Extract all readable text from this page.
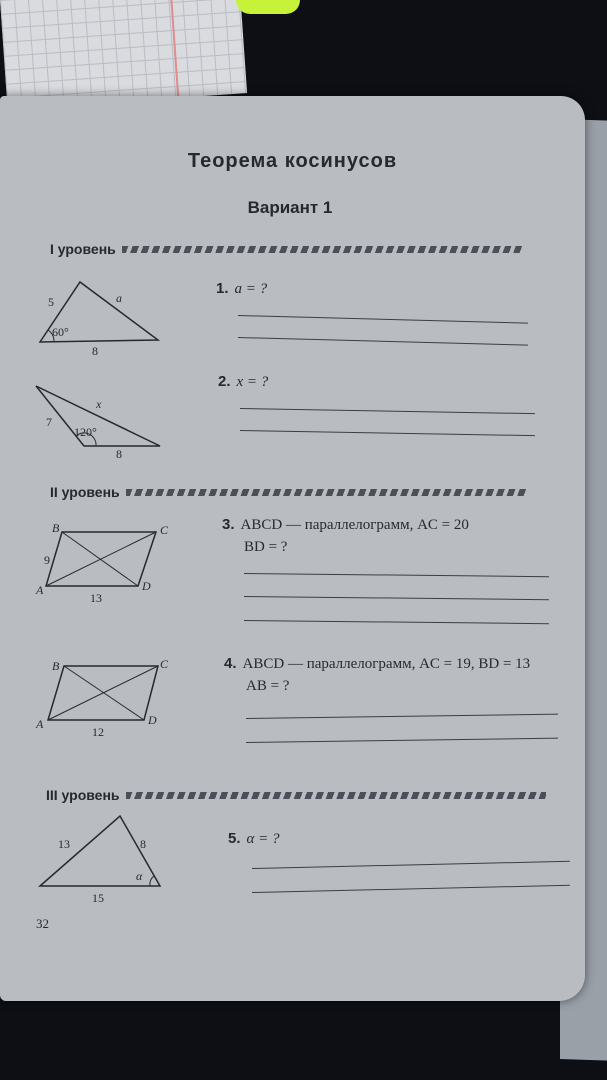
Теорема косинусов
Вариант 1
I уровень
5	a
8
60°
1. a = ?
7
x
8
120°
2. x = ?
II уровень
B	C
A	D
9
13
3. ABCD — параллелограмм, AC = 20
BD = ?
B	C
A	D
12
4. ABCD — параллелограмм, AC = 19, BD = 13
AB = ?
III уровень
13	8
15
α
5. α = ?
32
